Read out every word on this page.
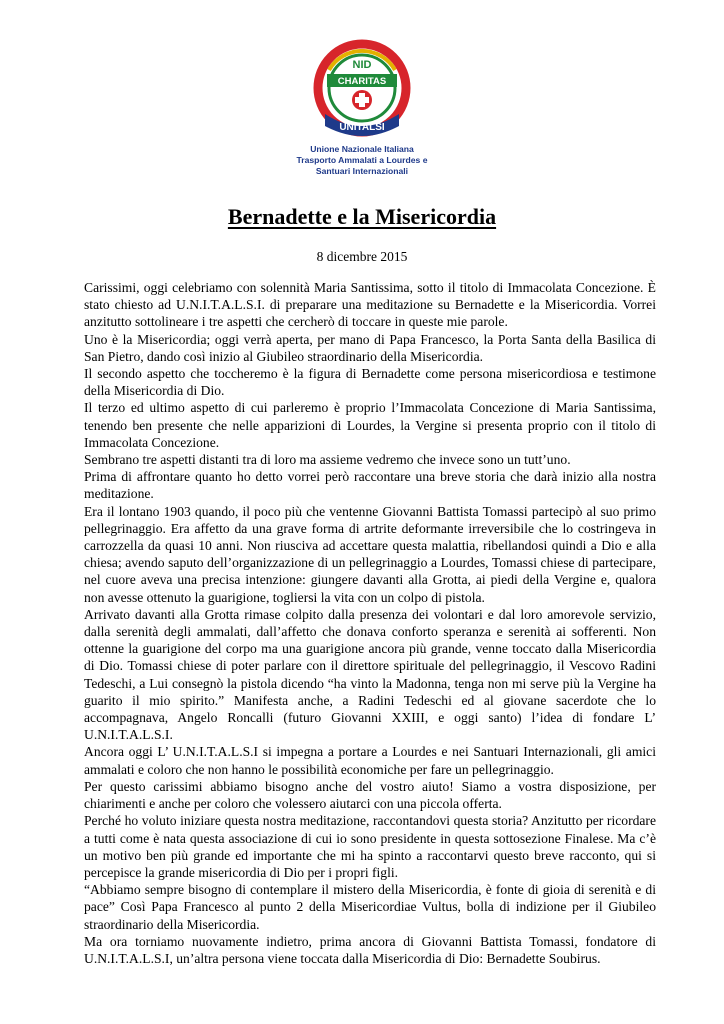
NID
CHARITAS
UNITALSI
Unione Nazionale Italiana
Trasporto Ammalati a Lourdes e
Santuari Internazionali
Bernadette e la Misericordia
8 dicembre 2015

Carissimi, oggi celebriamo con solennità Maria Santissima, sotto il titolo di Immacolata Concezione. È stato chiesto ad U.N.I.T.A.L.S.I. di preparare una meditazione su Bernadette e la Misericordia. Vorrei anzitutto sottolineare i tre aspetti che cercherò di toccare in queste mie parole.

Uno è la Misericordia; oggi verrà aperta, per mano di Papa Francesco, la Porta Santa della Basilica di San Pietro, dando così inizio al Giubileo straordinario della Misericordia.

Il secondo aspetto che toccheremo è la figura di Bernadette come persona misericordiosa e testimone della Misericordia di Dio.

Il terzo ed ultimo aspetto di cui parleremo è proprio l’Immacolata Concezione di Maria Santissima, tenendo ben presente che nelle apparizioni di Lourdes, la Vergine si presenta proprio con il titolo di Immacolata Concezione.

Sembrano tre aspetti distanti tra di loro ma assieme vedremo che invece sono un tutt’uno.

Prima di affrontare quanto ho detto vorrei però raccontare una breve storia che darà inizio alla nostra meditazione.

Era il lontano 1903 quando, il poco più che ventenne Giovanni Battista Tomassi partecipò al suo primo pellegrinaggio. Era affetto da una grave forma di artrite deformante irreversibile che lo costringeva in carrozzella da quasi 10 anni. Non riusciva ad accettare questa malattia, ribellandosi quindi a Dio e alla chiesa; avendo saputo dell’organizzazione di un pellegrinaggio a Lourdes, Tomassi chiese di partecipare, nel cuore aveva una precisa intenzione: giungere davanti alla Grotta, ai piedi della Vergine e, qualora non avesse ottenuto la guarigione, togliersi la vita con un colpo di pistola.

Arrivato davanti alla Grotta rimase colpito dalla presenza dei volontari e dal loro amorevole servizio, dalla serenità degli ammalati, dall’affetto che donava conforto speranza e serenità ai sofferenti. Non ottenne la guarigione del corpo ma una guarigione ancora più grande, venne toccato dalla Misericordia di Dio. Tomassi chiese di poter parlare con il direttore spirituale del pellegrinaggio, il Vescovo Radini Tedeschi, a Lui consegnò la pistola dicendo “ha vinto la Madonna, tenga non mi serve più la Vergine ha guarito il mio spirito.” Manifesta anche, a Radini Tedeschi ed al giovane sacerdote che lo accompagnava, Angelo Roncalli (futuro Giovanni XXIII, e oggi santo) l’idea di fondare L’ U.N.I.T.A.L.S.I.

Ancora oggi L’ U.N.I.T.A.L.S.I si impegna a portare a Lourdes e nei Santuari Internazionali, gli amici ammalati e coloro che non hanno le possibilità economiche per fare un pellegrinaggio.

Per questo carissimi abbiamo bisogno anche del vostro aiuto! Siamo a vostra disposizione, per chiarimenti e anche per coloro che volessero aiutarci con una piccola offerta.

Perché ho voluto iniziare questa nostra meditazione, raccontandovi questa storia? Anzitutto per ricordare a tutti come è nata questa associazione di cui io sono presidente in questa sottosezione Finalese. Ma c’è un motivo ben più grande ed importante che mi ha spinto a raccontarvi questo breve racconto, qui si percepisce la grande misericordia di Dio per i propri figli.

“Abbiamo sempre bisogno di contemplare il mistero della Misericordia, è fonte di gioia di serenità e di pace” Così Papa Francesco al punto 2 della Misericordiae Vultus, bolla di indizione per il Giubileo straordinario della Misericordia.

Ma ora torniamo nuovamente indietro, prima ancora di Giovanni Battista Tomassi, fondatore di U.N.I.T.A.L.S.I, un’altra persona viene toccata dalla Misericordia di Dio: Bernadette Soubirus.
